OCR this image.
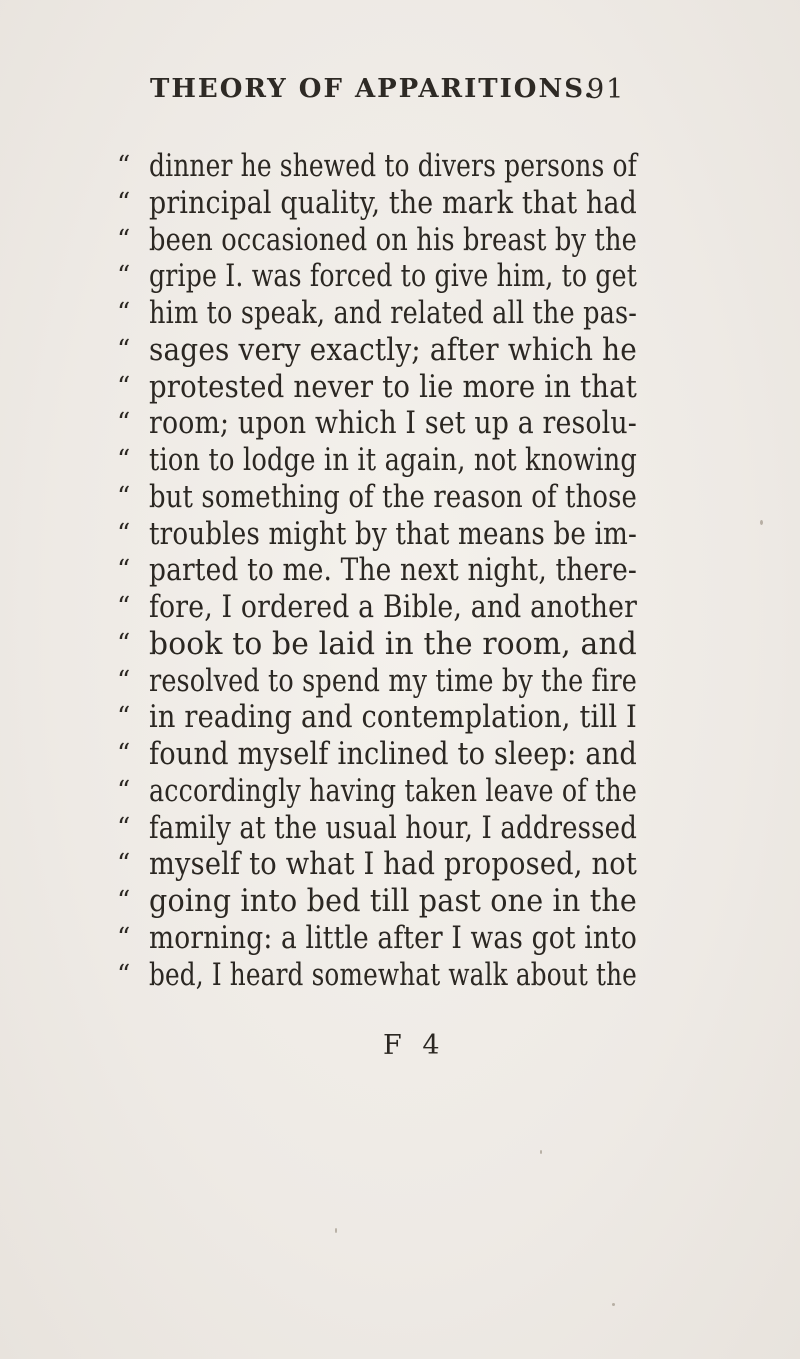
THEORY OF APPARITIONS.
91
“ dinner he shewed to divers persons of
“ principal quality, the mark that had
“ been occasioned on his breast by the
“ gripe I. was forced to give him, to get
“ him to speak, and related all the pas-
“ sages very exactly; after which he
“ protested never to lie more in that
“ room; upon which I set up a resolu-
“ tion to lodge in it again, not knowing
“ but something of the reason of those
“ troubles might by that means be im-
“ parted to me. The next night, there-
“ fore, I ordered a Bible, and another
“ book to be laid in the room, and
“ resolved to spend my time by the fire
“ in reading and contemplation, till I
“ found myself inclined to sleep: and
“ accordingly having taken leave of the
“ family at the usual hour, I addressed
“ myself to what I had proposed, not
“ going into bed till past one in the
“ morning: a little after I was got into
“ bed, I heard somewhat walk about the
F 4
